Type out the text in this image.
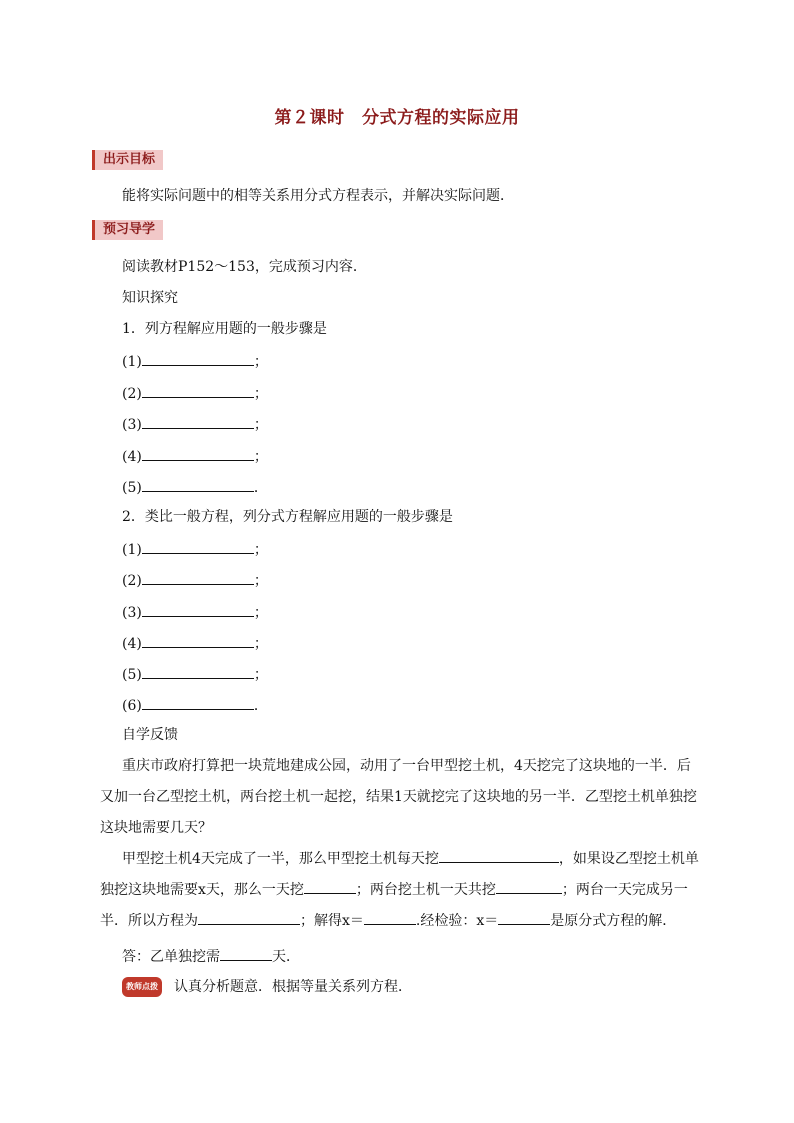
第２课时　分式方程的实际应用
出示目标
能将实际问题中的相等关系用分式方程表示，并解决实际问题．
预习导学
阅读教材P152～153，完成预习内容．
知识探究
1．列方程解应用题的一般步骤是
(1)	；
(2)	；
(3)	；
(4)	；
(5)	．
2．类比一般方程，列分式方程解应用题的一般步骤是
(1)	；
(2)	；
(3)	；
(4)	；
(5)	；
(6)	．
自学反馈
重庆市政府打算把一块荒地建成公园，动用了一台甲型挖土机，4天挖完了这块地的一半．后又加一台乙型挖土机，两台挖土机一起挖，结果1天就挖完了这块地的另一半．乙型挖土机单独挖这块地需要几天？
甲型挖土机4天完成了一半，那么甲型挖土机每天挖	，如果设乙型挖土机单独挖这块地需要x天，那么一天挖	；两台挖土机一天共挖	；两台一天完成另一半．所以方程为	；解得x＝	.经检验：x＝	是原分式方程的解．
答：乙单独挖需	天．
教师点拨 认真分析题意．根据等量关系列方程．
